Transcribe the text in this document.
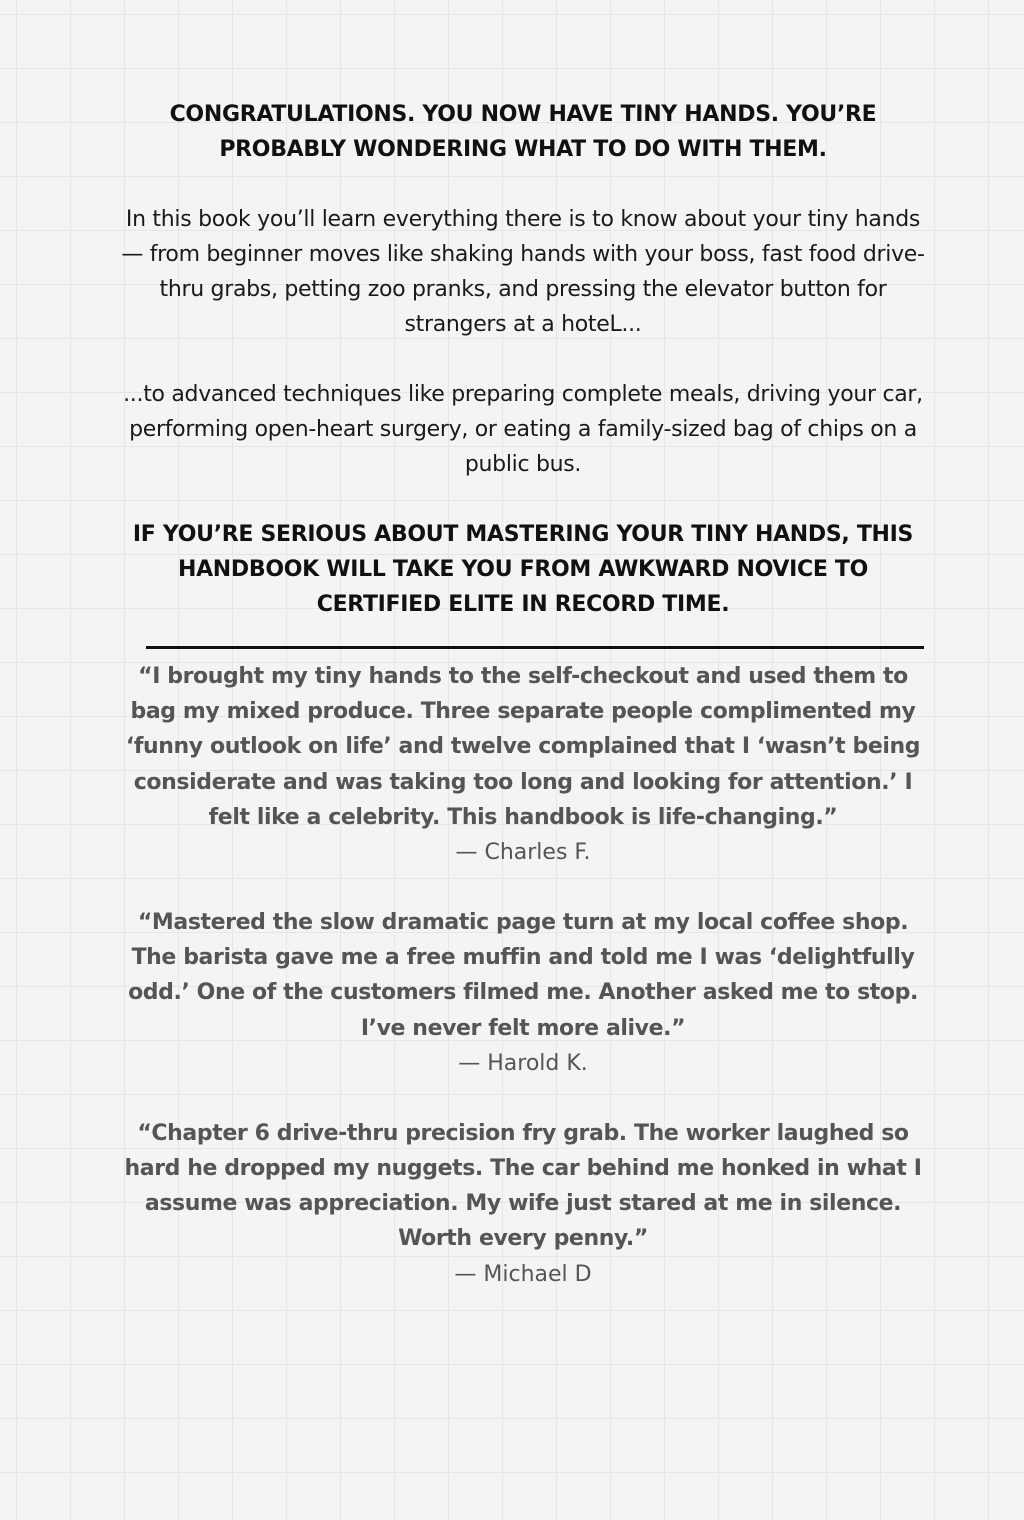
CONGRATULATIONS. YOU NOW HAVE TINY HANDS. YOU’RE PROBABLY WONDERING WHAT TO DO WITH THEM.

In this book you’ll learn everything there is to know about your tiny hands — from beginner moves like shaking hands with your boss, fast food drive-thru grabs, petting zoo pranks, and pressing the elevator button for strangers at a hoteL...

...to advanced techniques like preparing complete meals, driving your car, performing open-heart surgery, or eating a family-sized bag of chips on a public bus.

IF YOU’RE SERIOUS ABOUT MASTERING YOUR TINY HANDS, THIS HANDBOOK WILL TAKE YOU FROM AWKWARD NOVICE TO CERTIFIED ELITE IN RECORD TIME.

“I brought my tiny hands to the self-checkout and used them to bag my mixed produce. Three separate people complimented my ‘funny outlook on life’ and twelve complained that I ‘wasn’t being considerate and was taking too long and looking for attention.’ I felt like a celebrity. This handbook is life-changing.”

— Charles F.

“Mastered the slow dramatic page turn at my local coffee shop. The barista gave me a free muffin and told me I was ‘delightfully odd.’ One of the customers filmed me. Another asked me to stop. I’ve never felt more alive.”

— Harold K.

“Chapter 6 drive-thru precision fry grab. The worker laughed so hard he dropped my nuggets. The car behind me honked in what I assume was appreciation. My wife just stared at me in silence. Worth every penny.”

— Michael D
